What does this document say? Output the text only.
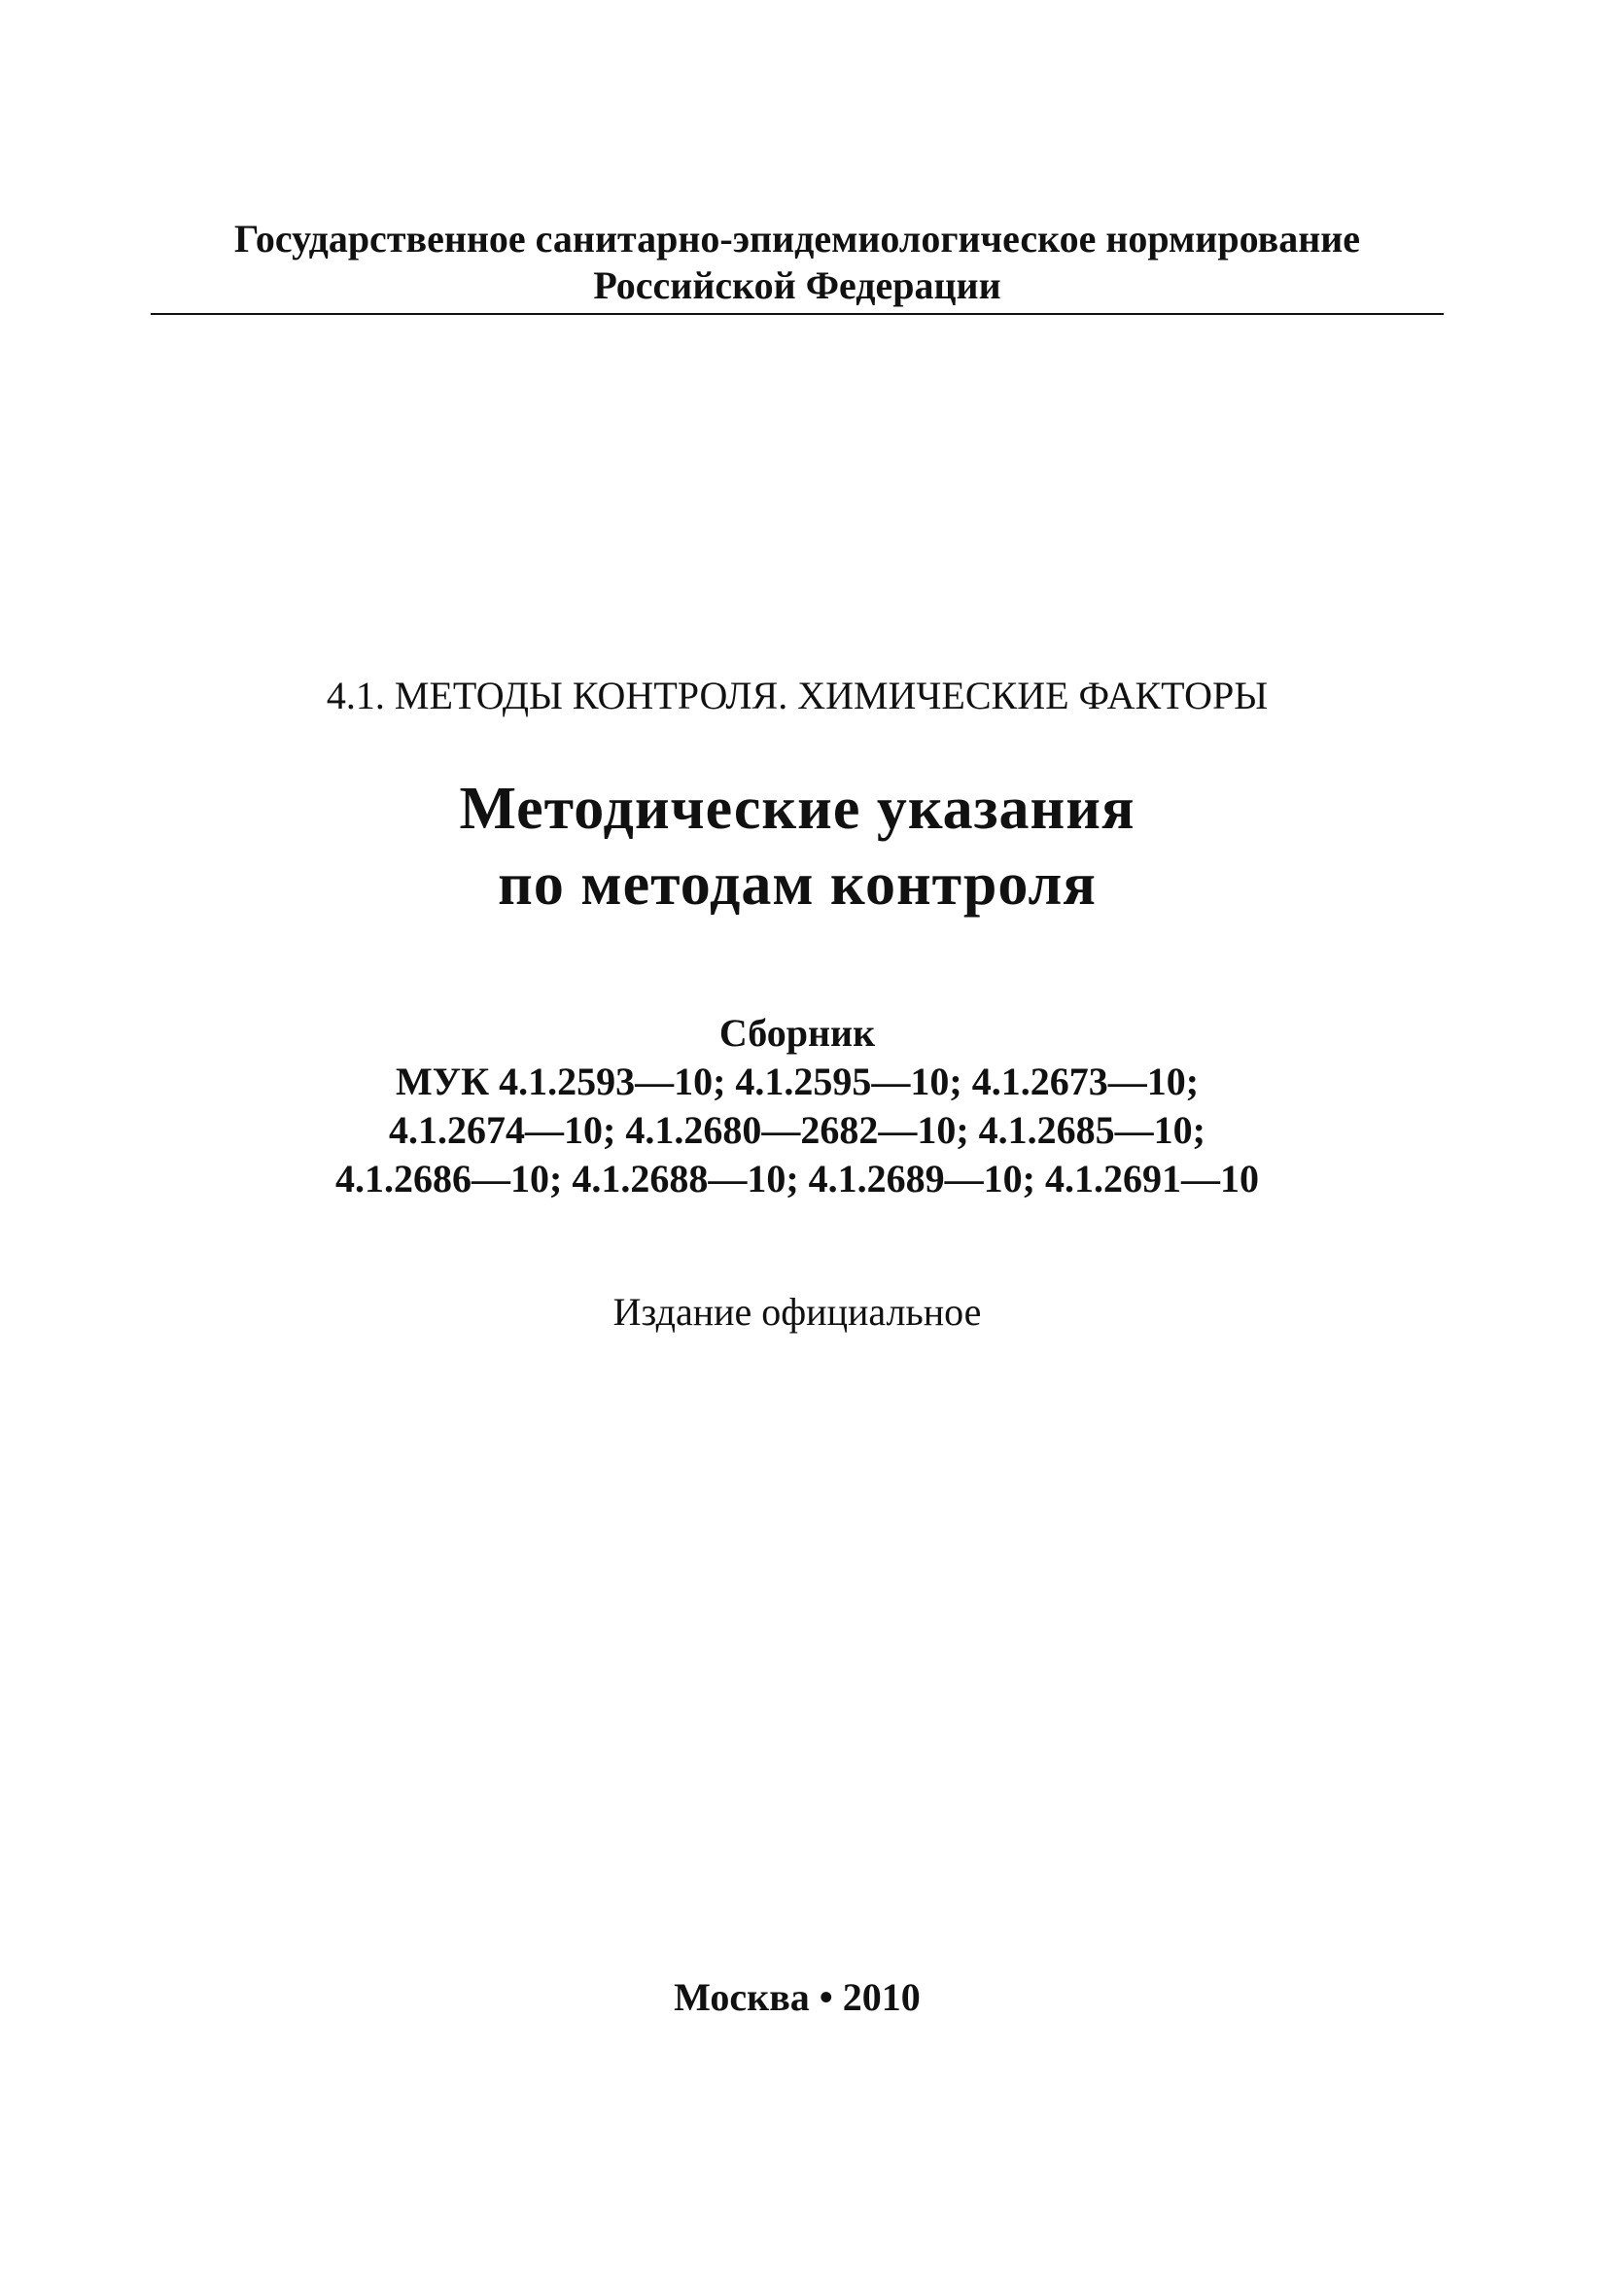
Государственное санитарно-эпидемиологическое нормирование
Российской Федерации
4.1. МЕТОДЫ КОНТРОЛЯ. ХИМИЧЕСКИЕ ФАКТОРЫ
Методические указания
по методам контроля
Сборник
МУК 4.1.2593—10; 4.1.2595—10; 4.1.2673—10;
4.1.2674—10; 4.1.2680—2682—10; 4.1.2685—10;
4.1.2686—10; 4.1.2688—10; 4.1.2689—10; 4.1.2691—10
Издание официальное
Москва • 2010
